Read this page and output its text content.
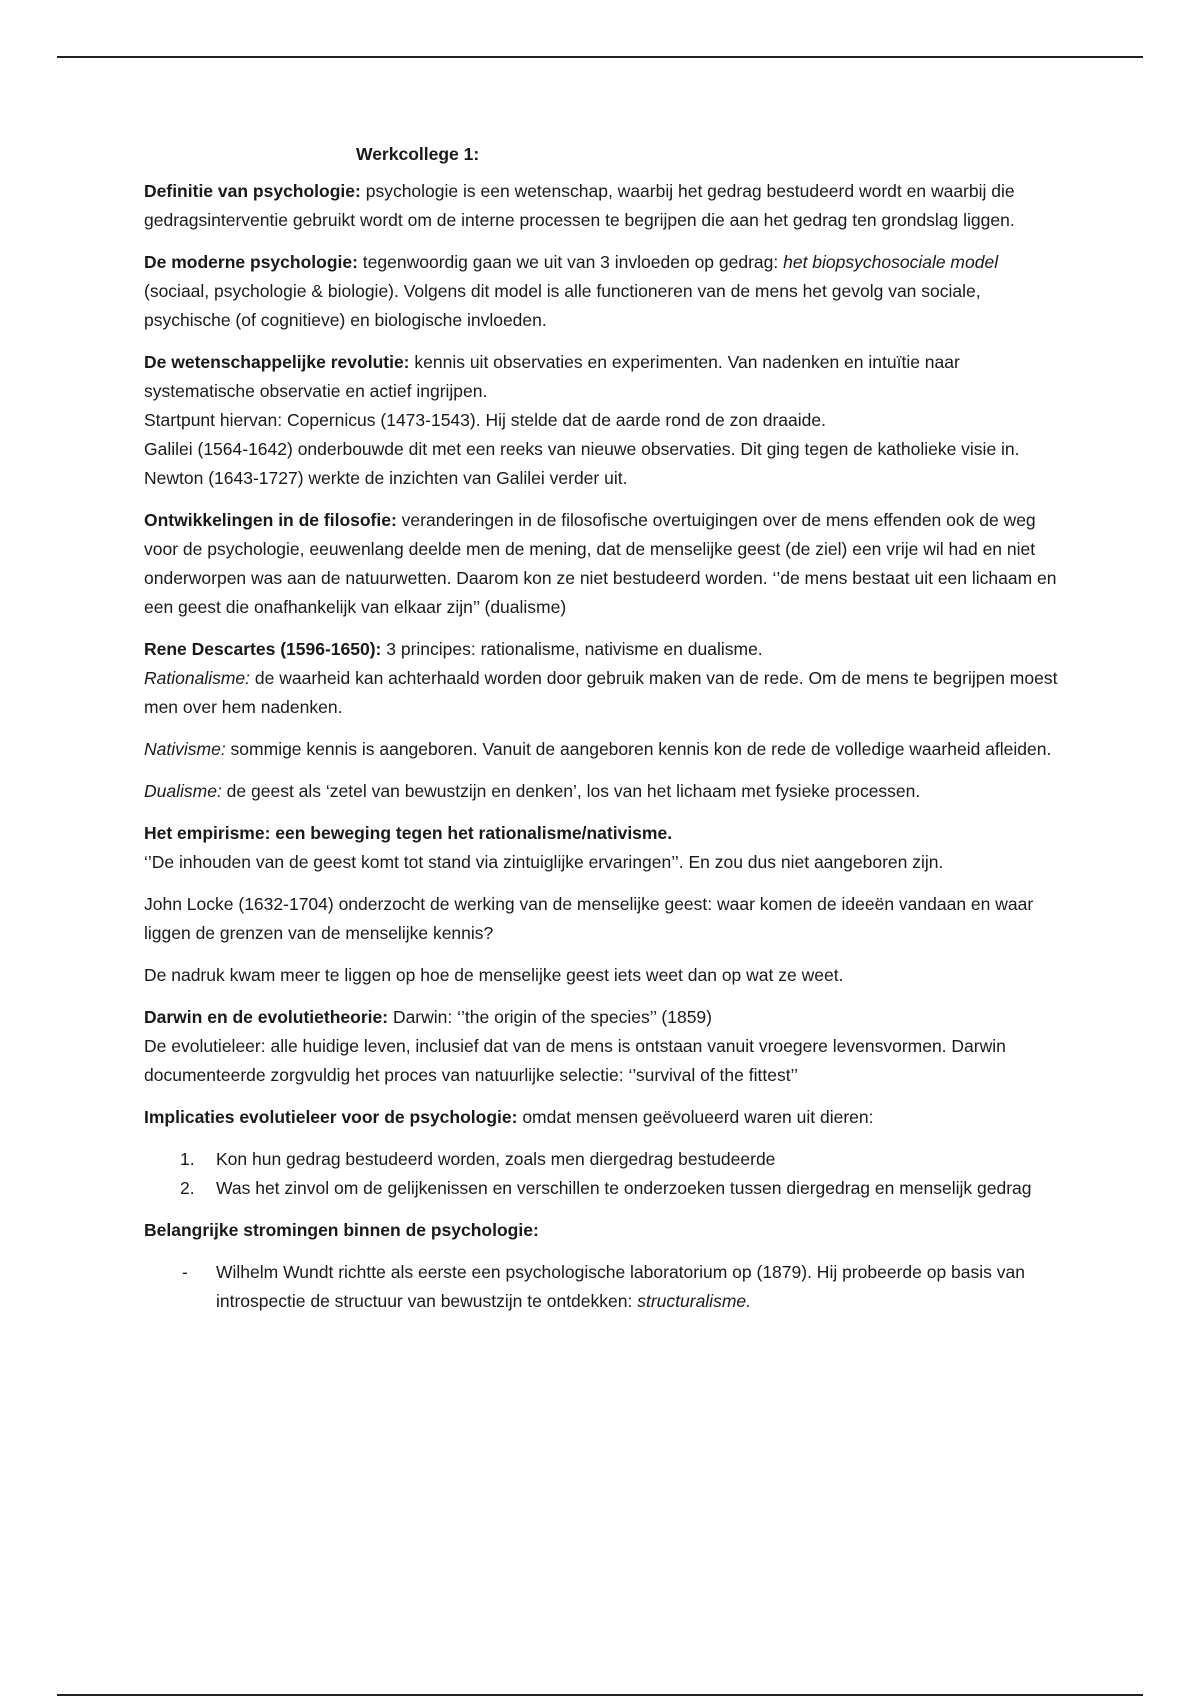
Werkcollege 1:

Definitie van psychologie: psychologie is een wetenschap, waarbij het gedrag bestudeerd wordt en waarbij die gedragsinterventie gebruikt wordt om de interne processen te begrijpen die aan het gedrag ten grondslag liggen.

De moderne psychologie: tegenwoordig gaan we uit van 3 invloeden op gedrag: het biopsychosociale model (sociaal, psychologie & biologie). Volgens dit model is alle functioneren van de mens het gevolg van sociale, psychische (of cognitieve) en biologische invloeden.

De wetenschappelijke revolutie: kennis uit observaties en experimenten. Van nadenken en intuïtie naar systematische observatie en actief ingrijpen.

Startpunt hiervan: Copernicus (1473-1543). Hij stelde dat de aarde rond de zon draaide.

Galilei (1564-1642) onderbouwde dit met een reeks van nieuwe observaties. Dit ging tegen de katholieke visie in.

Newton (1643-1727) werkte de inzichten van Galilei verder uit.

Ontwikkelingen in de filosofie: veranderingen in de filosofische overtuigingen over de mens effenden ook de weg voor de psychologie, eeuwenlang deelde men de mening, dat de menselijke geest (de ziel) een vrije wil had en niet onderworpen was aan de natuurwetten. Daarom kon ze niet bestudeerd worden. ‘’de mens bestaat uit een lichaam en een geest die onafhankelijk van elkaar zijn’’ (dualisme)

Rene Descartes (1596-1650): 3 principes: rationalisme, nativisme en dualisme.

Rationalisme: de waarheid kan achterhaald worden door gebruik maken van de rede. Om de mens te begrijpen moest men over hem nadenken.

Nativisme: sommige kennis is aangeboren. Vanuit de aangeboren kennis kon de rede de volledige waarheid afleiden.

Dualisme: de geest als ‘zetel van bewustzijn en denken’, los van het lichaam met fysieke processen.

Het empirisme: een beweging tegen het rationalisme/nativisme.

‘’De inhouden van de geest komt tot stand via zintuiglijke ervaringen’’. En zou dus niet aangeboren zijn.

John Locke (1632-1704) onderzocht de werking van de menselijke geest: waar komen de ideeën vandaan en waar liggen de grenzen van de menselijke kennis?

De nadruk kwam meer te liggen op hoe de menselijke geest iets weet dan op wat ze weet.

Darwin en de evolutietheorie: Darwin: ‘’the origin of the species’’ (1859)

De evolutieleer: alle huidige leven, inclusief dat van de mens is ontstaan vanuit vroegere levensvormen. Darwin documenteerde zorgvuldig het proces van natuurlijke selectie: ‘’survival of the fittest’’

Implicaties evolutieleer voor de psychologie: omdat mensen geëvolueerd waren uit dieren:

1. Kon hun gedrag bestudeerd worden, zoals men diergedrag bestudeerde
2. Was het zinvol om de gelijkenissen en verschillen te onderzoeken tussen diergedrag en menselijk gedrag

Belangrijke stromingen binnen de psychologie:

- Wilhelm Wundt richtte als eerste een psychologische laboratorium op (1879). Hij probeerde op basis van introspectie de structuur van bewustzijn te ontdekken: structuralisme.
